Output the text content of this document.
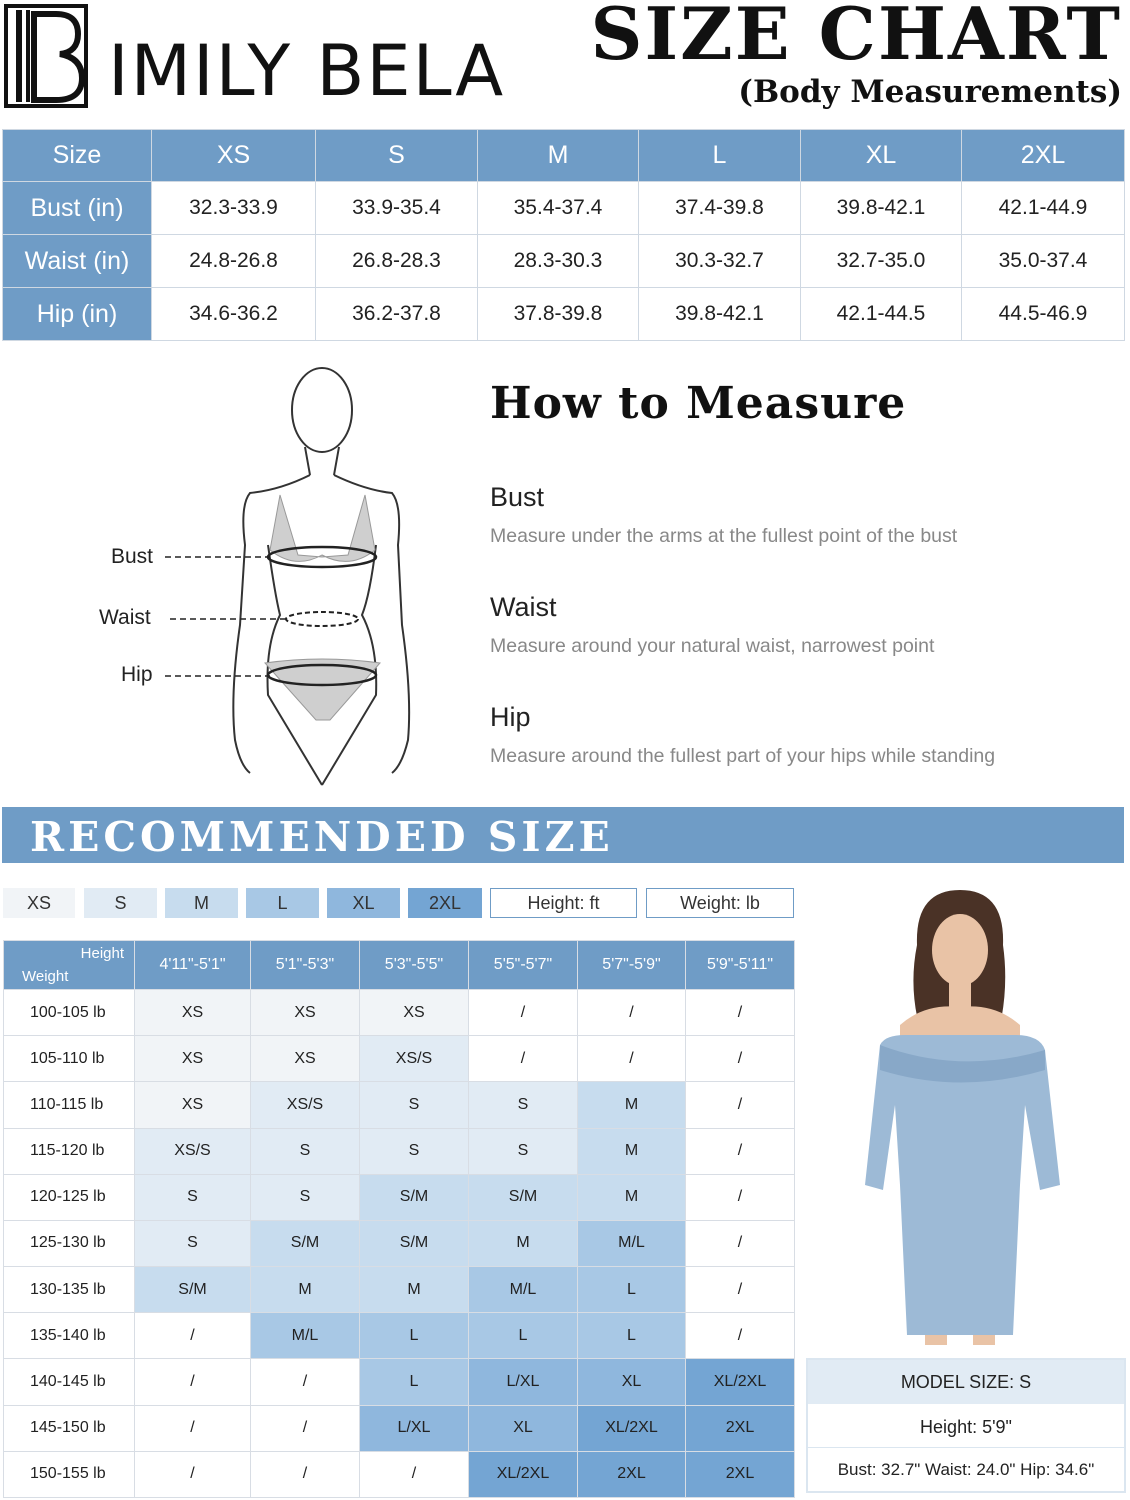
IMILY BELA SIZE CHART
(Body Measurements)
Size	XS	S	M	L	XL	2XL
Bust (in)	32.3-33.9	33.9-35.4	35.4-37.4	37.4-39.8	39.8-42.1	42.1-44.9
Waist (in)	24.8-26.8	26.8-28.3	28.3-30.3	30.3-32.7	32.7-35.0	35.0-37.4
Hip (in)	34.6-36.2	36.2-37.8	37.8-39.8	39.8-42.1	42.1-44.5	44.5-46.9
Bust
Waist
Hip
How to Measure
Bust
Measure under the arms at the fullest point of the bust
Waist
Measure around your natural waist, narrowest point
Hip
Measure around the fullest part of your hips while standing
RECOMMENDED SIZE
XS	S	M	L	XL	2XL	Height: ft	Weight: lb
Height
Weight	4'11"-5'1"	5'1"-5'3"	5'3"-5'5"	5'5"-5'7"	5'7"-5'9"	5'9"-5'11"
100-105 lb	XS	XS	XS	/	/	/
105-110 lb	XS	XS	XS/S	/	/	/
110-115 lb	XS	XS/S	S	S	M	/
115-120 lb	XS/S	S	S	S	M	/
120-125 lb	S	S	S/M	S/M	M	/
125-130 lb	S	S/M	S/M	M	M/L	/
130-135 lb	S/M	M	M	M/L	L	/
135-140 lb	/	M/L	L	L	L	/
140-145 lb	/	/	L	L/XL	XL	XL/2XL
145-150 lb	/	/	L/XL	XL	XL/2XL	2XL
150-155 lb	/	/	/	XL/2XL	2XL	2XL
MODEL SIZE: S
Height: 5'9"
Bust: 32.7" Waist: 24.0" Hip: 34.6"
